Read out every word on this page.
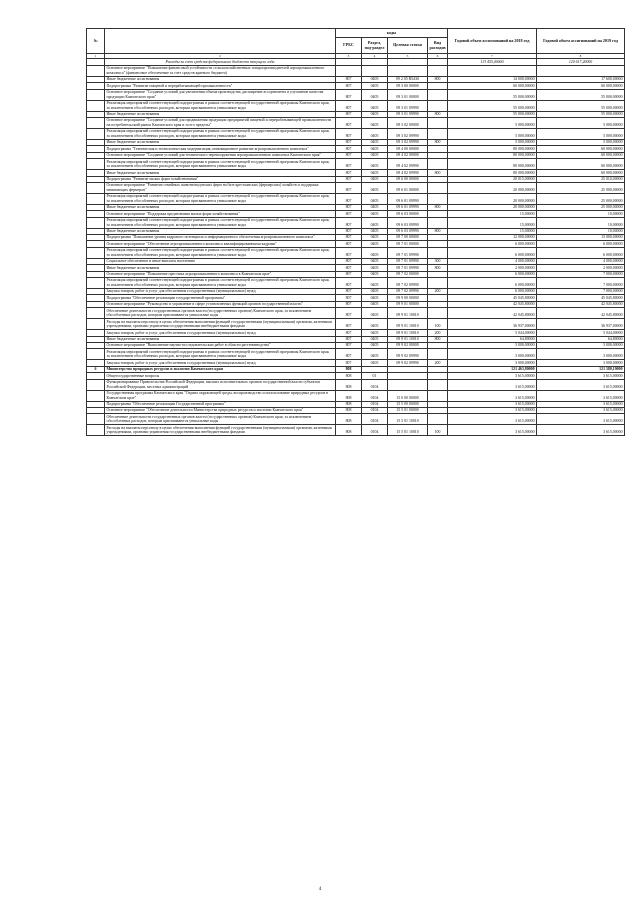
№		коды				Годовой объем ассигнований на 2018 год	Годовой объем ассигнований на 2019 год
		ГРБС	Раздел, под-раздел	Целевая статья	Вид расходов		
1	2	3	4	5	6	7	8
	Расходы за счет средств федерального бюджета текущего года					113 455,40000	120 617,20000
	Основное мероприятие "Повышение финансовой устойчивости сельскохозяйственных товаропроизводителей агропромышленного комплекса" (финансовое обеспечение за счет средств краевого бюджета)						
	Иные бюджетные ассигнования	807	0405	09 2 05 R5430	800	14 000,00000	17 600,00000
	Подпрограмма "Развитие пищевой и перерабатывающей промышленности"	807	0405	09 3 00 00000		60 000,00000	60 000,00000
	Основное мероприятие "Создание условий для увеличения объема производства, расширение ассортимента и улучшение качества продукции Камчатского края"	807	0405	09 3 01 00000		55 000,00000	55 000,00000
	Реализация мероприятий соответствующей подпрограммы в рамках соответствующей государственной программы Камчатского края, за исключением обособленных расходов, которым присваиваются уникальные коды	807	0405	09 3 01 09990		55 000,00000	55 000,00000
	Иные бюджетные ассигнования	807	0405	09 3 01 09990	800	55 000,00000	55 000,00000
	Основное мероприятие "Создание условий для продвижения продукции предприятий пищевой и перерабатывающей промышленности на потребительский рынок Камчатского края и за его пределы"	807	0405	09 3 02 00000		5 000,00000	5 000,00000
	Реализация мероприятий соответствующей подпрограммы в рамках соответствующей государственной программы Камчатского края, за исключением обособленных расходов, которым присваиваются уникальные коды	807	0405	09 3 02 09990		5 000,00000	5 000,00000
	Иные бюджетные ассигнования	807	0405	09 3 02 09990	800	5 000,00000	5 000,00000
	Подпрограмма "Техническая и технологическая модернизация, инновационное развитие агропромышленного комплекса"	807	0405	09 4 00 00000		80 000,00000	60 000,00000
	Основное мероприятие "Создание условий для технического перевооружения агропромышленного комплекса Камчатского края"	807	0405	09 4 02 00000		80 000,00000	60 000,00000
	Реализация мероприятий соответствующей подпрограммы в рамках соответствующей государственной программы Камчатского края, за исключением обособленных расходов, которым присваиваются уникальные коды	807	0405	09 4 02 09990		80 000,00000	60 000,00000
	Иные бюджетные ассигнования	807	0405	09 4 02 09990	800	80 000,00000	60 000,00000
	Подпрограмма "Развитие малых форм хозяйствования"	807	0405	09 6 00 00000		20 015,00000	25 010,00000
	Основное мероприятие "Развитие семейных животноводческих ферм на базе крестьянских (фермерских) хозяйств и поддержка начинающих фермеров"	807	0405	09 6 01 00000		20 000,00000	25 000,00000
	Реализация мероприятий соответствующей подпрограммы в рамках соответствующей государственной программы Камчатского края, за исключением обособленных расходов, которым присваиваются уникальные коды	807	0405	09 6 01 09990		20 000,00000	25 000,00000
	Иные бюджетные ассигнования	807	0405	09 6 01 09990	800	20 000,00000	25 000,00000
	Основное мероприятие "Поддержка кредитования малых форм хозяйствования"	807	0405	09 6 03 00000		15,00000	10,00000
	Реализация мероприятий соответствующей подпрограммы в рамках соответствующей государственной программы Камчатского края, за исключением обособленных расходов, которым присваиваются уникальные коды	807	0405	09 6 03 09990		15,00000	10,00000
	Иные бюджетные ассигнования	807	0405	09 6 03 09990	800	15,00000	10,00000
	Подпрограмма "Повышение уровня кадрового потенциала и информационного обеспечения агропромышленного комплекса"	807	0405	09 7 00 00000		12 000,00000	13 000,00000
	Основное мероприятие "Обеспечение агропромышленного комплекса квалифицированными кадрами"	807	0405	09 7 01 00000		6 000,00000	6 000,00000
	Реализация мероприятий соответствующей подпрограммы в рамках соответствующей государственной программы Камчатского края, за исключением обособленных расходов, которым присваиваются уникальные коды	807	0405	09 7 01 09990		6 000,00000	6 000,00000
	Социальное обеспечение и иные выплаты населению	807	0405	09 7 01 09990	300	4 000,00000	4 000,00000
	Иные бюджетные ассигнования	807	0405	09 7 01 09990	800	2 000,00000	2 000,00000
	Основное мероприятие "Повышение престижа агропромышленного комплекса в Камчатском крае"	807	0405	09 7 02 00000		6 000,00000	7 000,00000
	Реализация мероприятий соответствующей подпрограммы в рамках соответствующей государственной программы Камчатского края, за исключением обособленных расходов, которым присваиваются уникальные коды	807	0405	09 7 02 09990		6 000,00000	7 000,00000
	Закупка товаров, работ и услуг для обеспечения государственных (муниципальных) нужд	807	0405	09 7 02 09990	200	6 000,00000	7 000,00000
	Подпрограмма "Обеспечение реализации государственной программы"	807	0405	09 9 00 00000		45 045,80000	45 045,80000
	Основное мероприятие "Руководство и управление в сфере установленных функций органов государственной власти"	807	0405	09 9 01 00000		42 045,80000	42 045,80000
	Обеспечение деятельности государственных органов власти (государственных органов) Камчатского края, за исключением обособленных расходов, которым присваиваются уникальные коды	807	0405	09 9 01 10010		42 045,80000	42 045,80000
	Расходы на выплаты персоналу в целях обеспечения выполнения функций государственными (муниципальными) органами, казенными учреждениями, органами управления государственными внебюджетными фондами	807	0405	09 9 01 10010	100	36 937,00000	36 937,00000
	Закупка товаров, работ и услуг для обеспечения государственных (муниципальных) нужд	807	0405	09 9 01 10010	200	5 044,00000	5 044,00000
	Иные бюджетные ассигнования	807	0405	09 9 01 10010	800	64,80000	64,80000
	Основное мероприятие "Выполнение научно-исследовательских работ в области растениеводства"	807	0405	09 9 02 00000		3 000,00000	3 000,00000
	Реализация мероприятий соответствующей подпрограммы в рамках соответствующей государственной программы Камчатского края, за исключением обособленных расходов, которым присваиваются уникальные коды	807	0405	09 9 02 09990		3 000,00000	3 000,00000
	Закупка товаров, работ и услуг для обеспечения государственных (муниципальных) нужд	807	0405	09 9 02 09990	200	3 000,00000	3 000,00000
6	Министерство природных ресурсов и экологии Камчатского края	808				121 463,80000	121 580,19000
	Общегосударственные вопросы	808	01			3 615,00000	3 615,00000
	Функционирование Правительства Российской Федерации, высших исполнительных органов государственной власти субъектов Российской Федерации, местных администраций	808	0104			3 615,00000	3 615,00000
	Государственная программа Камчатского края "Охрана окружающей среды, воспроизводство и использование природных ресурсов в Камчатском крае"	808	0104	15 0 00 00000		3 615,00000	3 615,00000
	Подпрограмма "Обеспечение реализации Государственной программы"	808	0104	15 5 00 00000		3 615,00000	3 615,00000
	Основное мероприятие "Обеспечение деятельности Министерства природных ресурсов и экологии Камчатского края"	808	0104	15 5 01 00000		3 615,00000	3 615,00000
	Обеспечение деятельности государственных органов власти (государственных органов) Камчатского края, за исключением обособленных расходов, которым присваиваются уникальные коды	808	0104	15 5 01 10010		3 615,00000	3 615,00000
	Расходы на выплаты персоналу в целях обеспечения выполнения функций государственными (муниципальными) органами, казенными учреждениями, органами управления государственными внебюджетными фондами	808	0104	15 5 01 10010	100	3 615,00000	3 615,00000
4
